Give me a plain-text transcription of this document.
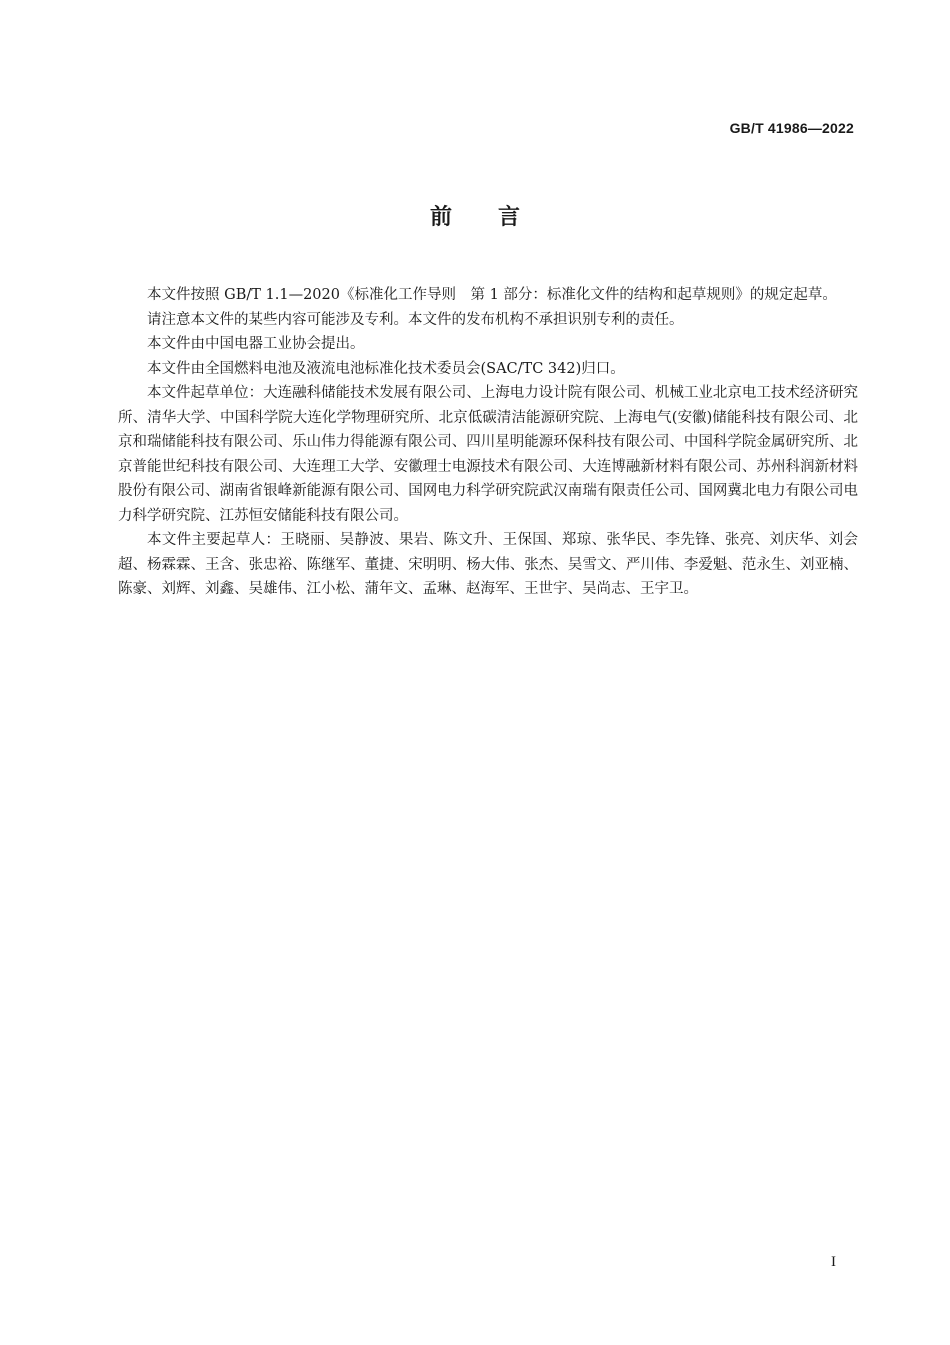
GB/T 41986—2022
前言

本文件按照 GB/T 1.1—2020《标准化工作导则　第 1 部分：标准化文件的结构和起草规则》的规定起草。

请注意本文件的某些内容可能涉及专利。本文件的发布机构不承担识别专利的责任。

本文件由中国电器工业协会提出。

本文件由全国燃料电池及液流电池标准化技术委员会(SAC/TC 342)归口。

本文件起草单位：大连融科储能技术发展有限公司、上海电力设计院有限公司、机械工业北京电工技术经济研究所、清华大学、中国科学院大连化学物理研究所、北京低碳清洁能源研究院、上海电气(安徽)储能科技有限公司、北京和瑞储能科技有限公司、乐山伟力得能源有限公司、四川星明能源环保科技有限公司、中国科学院金属研究所、北京普能世纪科技有限公司、大连理工大学、安徽理士电源技术有限公司、大连博融新材料有限公司、苏州科润新材料股份有限公司、湖南省银峰新能源有限公司、国网电力科学研究院武汉南瑞有限责任公司、国网冀北电力有限公司电力科学研究院、江苏恒安储能科技有限公司。

本文件主要起草人：王晓丽、吴静波、果岩、陈文升、王保国、郑琼、张华民、李先锋、张亮、刘庆华、刘会超、杨霖霖、王含、张忠裕、陈继军、董捷、宋明明、杨大伟、张杰、吴雪文、严川伟、李爱魁、范永生、刘亚楠、陈豪、刘辉、刘鑫、吴雄伟、江小松、蒲年文、孟琳、赵海军、王世宇、吴尚志、王宇卫。

I
